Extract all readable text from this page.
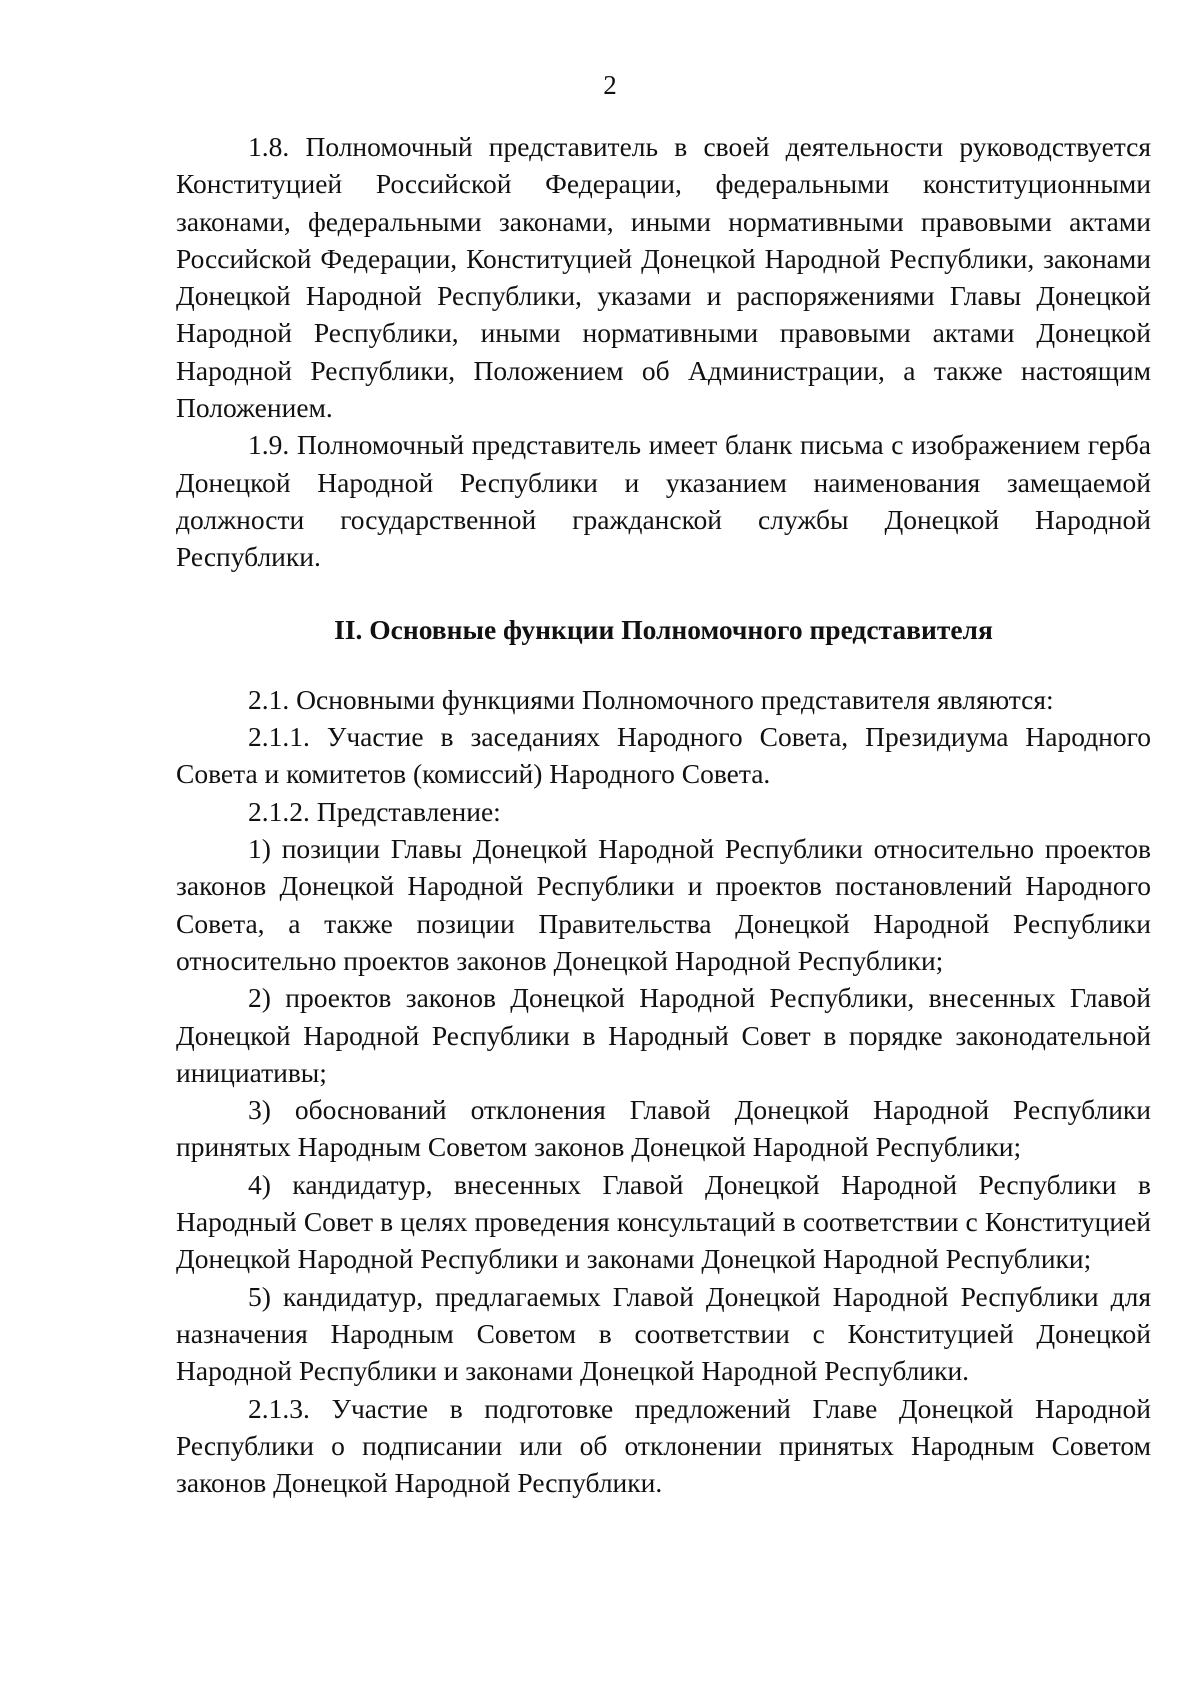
2

1.8. Полномочный представитель в своей деятельности руководствуется Конституцией Российской Федерации, федеральными конституционными законами, федеральными законами, иными нормативными правовыми актами Российской Федерации, Конституцией Донецкой Народной Республики, законами Донецкой Народной Республики, указами и распоряжениями Главы Донецкой Народной Республики, иными нормативными правовыми актами Донецкой Народной Республики, Положением об Администрации, а также настоящим Положением.

1.9. Полномочный представитель имеет бланк письма с изображением герба Донецкой Народной Республики и указанием наименования замещаемой должности государственной гражданской службы Донецкой Народной Республики.

II. Основные функции Полномочного представителя

2.1. Основными функциями Полномочного представителя являются:

2.1.1. Участие в заседаниях Народного Совета, Президиума Народного Совета и комитетов (комиссий) Народного Совета.

2.1.2. Представление:

1) позиции Главы Донецкой Народной Республики относительно проектов законов Донецкой Народной Республики и проектов постановлений Народного Совета, а также позиции Правительства Донецкой Народной Республики относительно проектов законов Донецкой Народной Республики;

2) проектов законов Донецкой Народной Республики, внесенных Главой Донецкой Народной Республики в Народный Совет в порядке законодательной инициативы;

3) обоснований отклонения Главой Донецкой Народной Республики принятых Народным Советом законов Донецкой Народной Республики;

4) кандидатур, внесенных Главой Донецкой Народной Республики в Народный Совет в целях проведения консультаций в соответствии с Конституцией Донецкой Народной Республики и законами Донецкой Народной Республики;

5) кандидатур, предлагаемых Главой Донецкой Народной Республики для назначения Народным Советом в соответствии с Конституцией Донецкой Народной Республики и законами Донецкой Народной Республики.

2.1.3. Участие в подготовке предложений Главе Донецкой Народной Республики о подписании или об отклонении принятых Народным Советом законов Донецкой Народной Республики.
